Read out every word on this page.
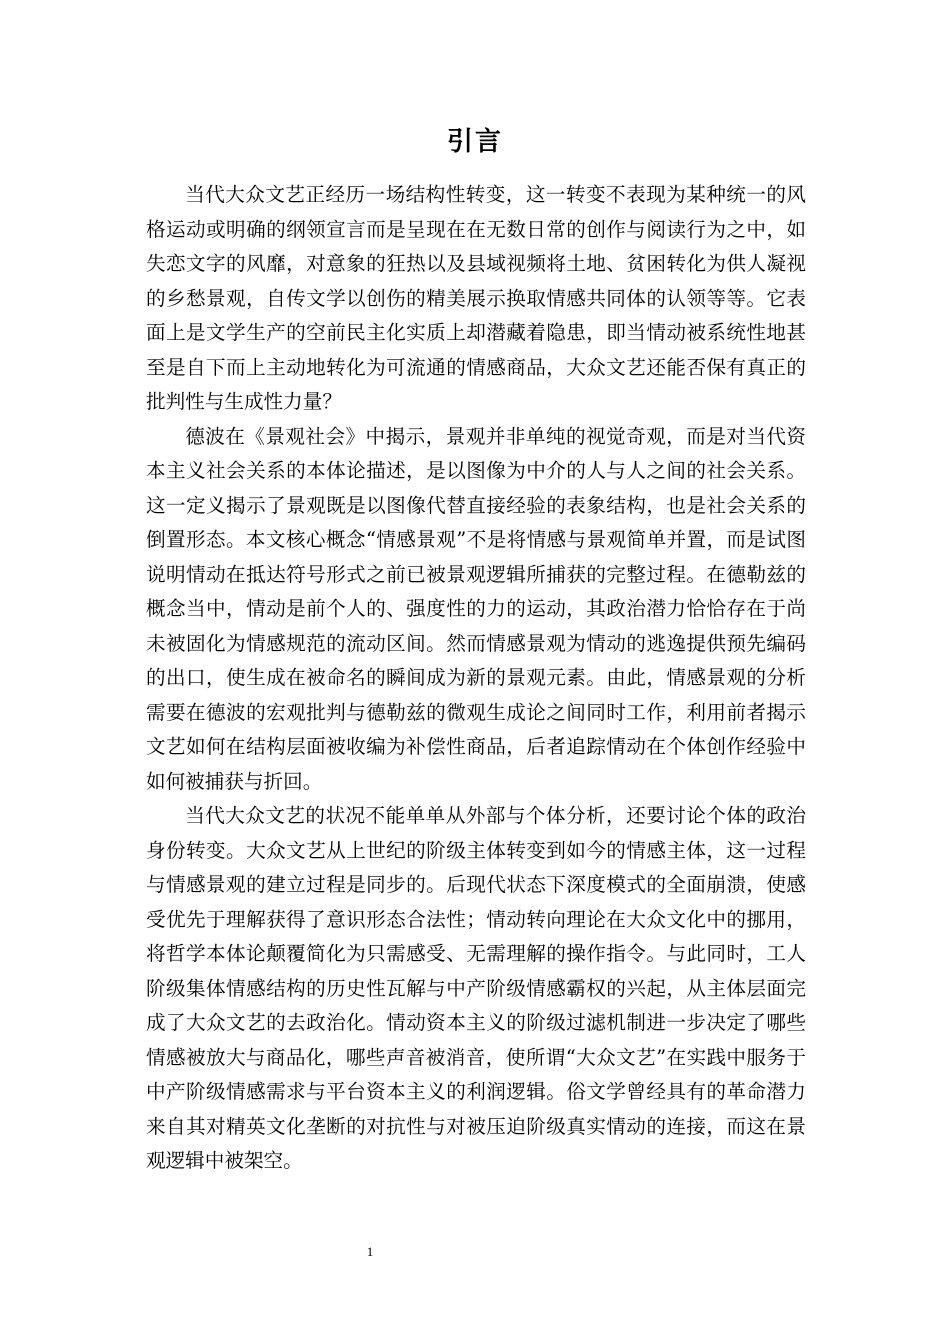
引言

当代大众文艺正经历一场结构性转变，这一转变不表现为某种统一的风格运动或明确的纲领宣言而是呈现在在无数日常的创作与阅读行为之中，如失恋文字的风靡，对意象的狂热以及县域视频将土地、贫困转化为供人凝视的乡愁景观，自传文学以创伤的精美展示换取情感共同体的认领等等。它表面上是文学生产的空前民主化实质上却潜藏着隐患，即当情动被系统性地甚至是自下而上主动地转化为可流通的情感商品，大众文艺还能否保有真正的批判性与生成性力量？

德波在《景观社会》中揭示，景观并非单纯的视觉奇观，而是对当代资本主义社会关系的本体论描述，是以图像为中介的人与人之间的社会关系。这一定义揭示了景观既是以图像代替直接经验的表象结构，也是社会关系的倒置形态。本文核心概念“情感景观”不是将情感与景观简单并置，而是试图说明情动在抵达符号形式之前已被景观逻辑所捕获的完整过程。在德勒兹的概念当中，情动是前个人的、强度性的力的运动，其政治潜力恰恰存在于尚未被固化为情感规范的流动区间。然而情感景观为情动的逃逸提供预先编码的出口，使生成在被命名的瞬间成为新的景观元素。由此，情感景观的分析需要在德波的宏观批判与德勒兹的微观生成论之间同时工作，利用前者揭示文艺如何在结构层面被收编为补偿性商品，后者追踪情动在个体创作经验中如何被捕获与折回。

当代大众文艺的状况不能单单从外部与个体分析，还要讨论个体的政治身份转变。大众文艺从上世纪的阶级主体转变到如今的情感主体，这一过程与情感景观的建立过程是同步的。后现代状态下深度模式的全面崩溃，使感受优先于理解获得了意识形态合法性；情动转向理论在大众文化中的挪用，将哲学本体论颠覆简化为只需感受、无需理解的操作指令。与此同时，工人阶级集体情感结构的历史性瓦解与中产阶级情感霸权的兴起，从主体层面完成了大众文艺的去政治化。情动资本主义的阶级过滤机制进一步决定了哪些情感被放大与商品化，哪些声音被消音，使所谓“大众文艺”在实践中服务于中产阶级情感需求与平台资本主义的利润逻辑。俗文学曾经具有的革命潜力来自其对精英文化垄断的对抗性与对被压迫阶级真实情动的连接，而这在景观逻辑中被架空。

1
